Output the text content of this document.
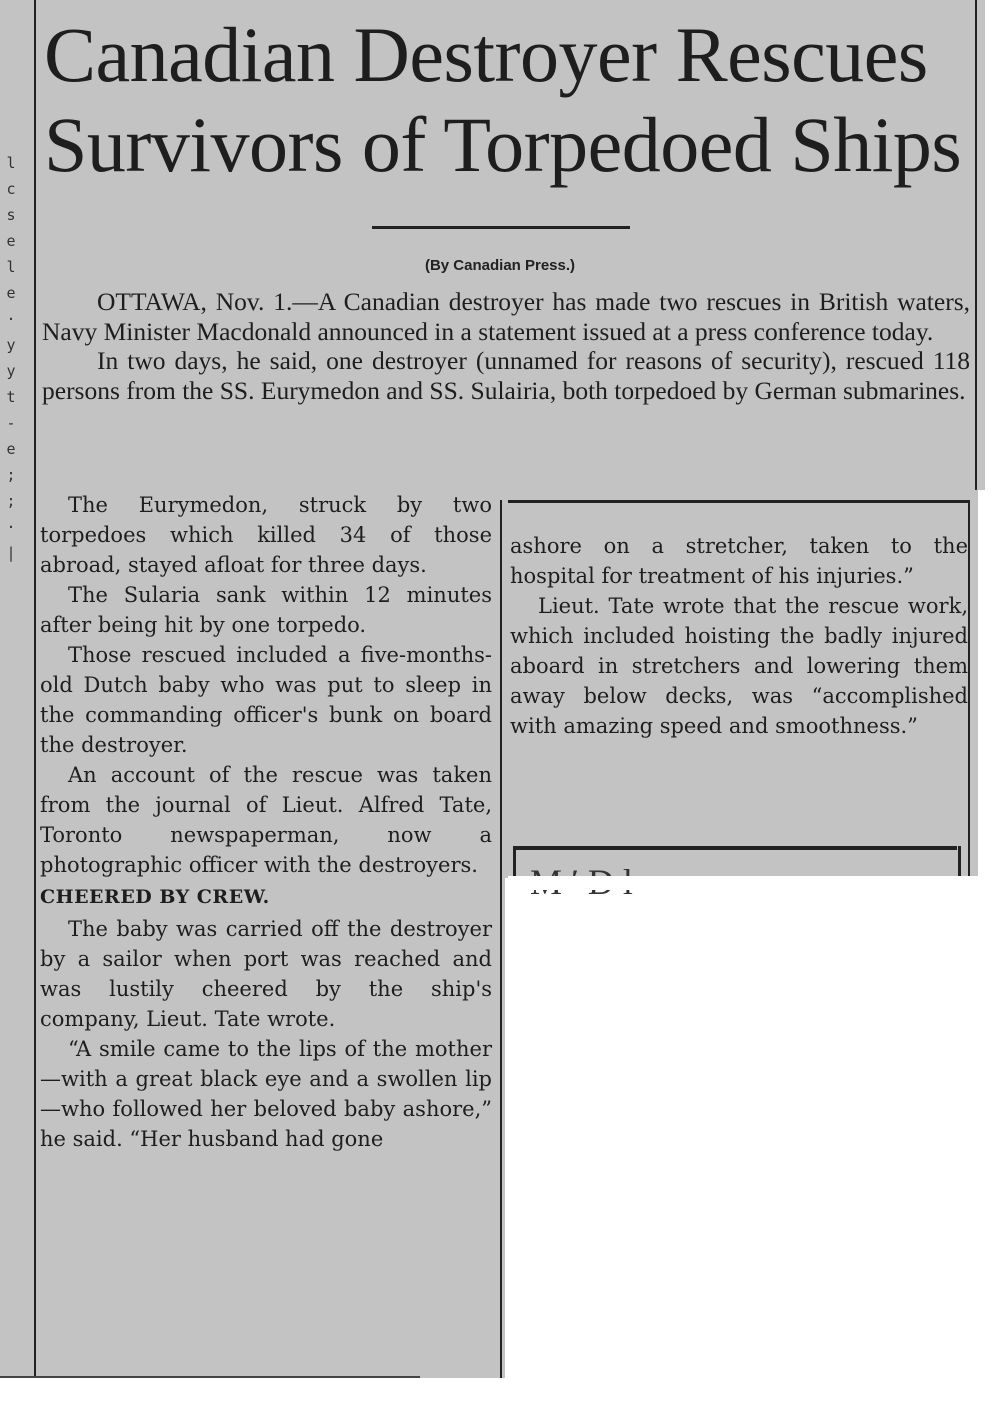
l
c
s
e
l
e
·
y
y
t
-
e
;
;
·
|
Canadian Destroyer Rescues
Survivors of Torpedoed Ships
(By Canadian Press.)

OTTAWA, Nov. 1.—A Canadian destroyer has made two rescues in British waters, Navy Minister Macdonald announced in a statement issued at a press conference today.

In two days, he said, one destroyer (unnamed for reasons of security), rescued 118 persons from the SS. Eurymedon and SS. Sulairia, both torpedoed by German submarines.

The Eurymedon, struck by two torpedoes which killed 34 of those abroad, stayed afloat for three days.

The Sularia sank within 12 minutes after being hit by one torpedo.

Those rescued included a five-months-old Dutch baby who was put to sleep in the commanding officer's bunk on board the destroyer.

An account of the rescue was taken from the journal of Lieut. Alfred Tate, Toronto newspaperman, now a photographic officer with the destroyers.

CHEERED BY CREW.

The baby was carried off the destroyer by a sailor when port was reached and was lustily cheered by the ship's company, Lieut. Tate wrote.

“A smile came to the lips of the mother—with a great black eye and a swollen lip—who followed her beloved baby ashore,” he said. “Her husband had gone

ashore on a stretcher, taken to the hospital for treatment of his injuries.”

Lieut. Tate wrote that the rescue work, which included hoisting the badly injured aboard in stretchers and lowering them away below decks, was “accomplished with amazing speed and smoothness.”
